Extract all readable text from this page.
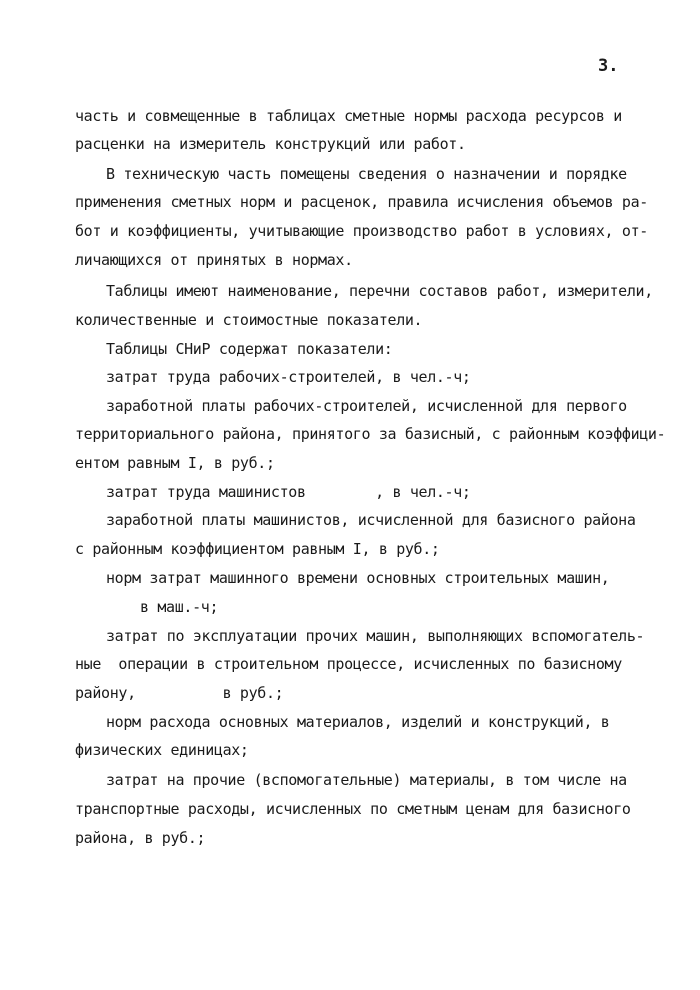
3.
часть и совмещенные в таблицах сметные нормы расхода ресурсов и
расценки на измеритель конструкций или работ.
В техническую часть помещены сведения о назначении и порядке
применения сметных норм и расценок, правила исчисления объемов ра-
бот и коэффициенты, учитывающие производство работ в условиях, от-
личающихся от принятых в нормах.
Таблицы имеют наименование, перечни составов работ, измерители,
количественные и стоимостные показатели.
Таблицы СНиР содержат показатели:
затрат труда рабочих-строителей, в чел.-ч;
заработной платы рабочих-строителей, исчисленной для первого
территориального района, принятого за базисный, с районным коэффици-
ентом равным I, в руб.;
затрат труда машинистов        , в чел.-ч;
заработной платы машинистов, исчисленной для базисного района
с районным коэффициентом равным I, в руб.;
норм затрат машинного времени основных строительных машин,
в маш.-ч;
затрат по эксплуатации прочих машин, выполняющих вспомогатель-
ные  операции в строительном процессе, исчисленных по базисному
району,          в руб.;
норм расхода основных материалов, изделий и конструкций, в
физических единицах;
затрат на прочие (вспомогательные) материалы, в том числе на
транспортные расходы, исчисленных по сметным ценам для базисного
района, в руб.;
